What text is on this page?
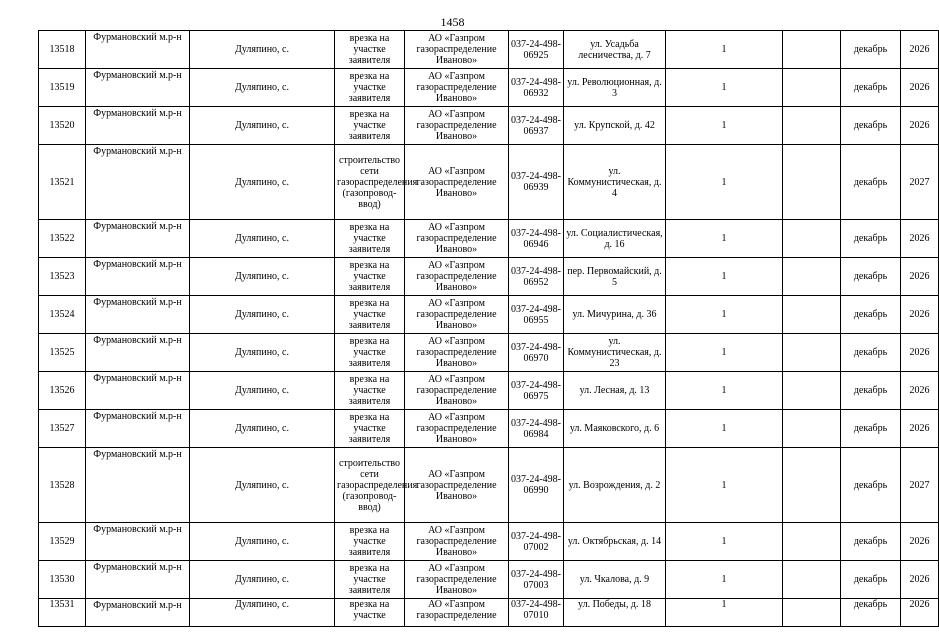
1458
13518	Фурмановский м.р-н	Дуляпино, с.	врезка на участке заявителя	АО «Газпром газораспределение Иваново»	037-24-498-06925	ул. Усадьба лесничества, д. 7	1		декабрь	2026
13519	Фурмановский м.р-н	Дуляпино, с.	врезка на участке заявителя	АО «Газпром газораспределение Иваново»	037-24-498-06932	ул. Революционная, д. 3	1		декабрь	2026
13520	Фурмановский м.р-н	Дуляпино, с.	врезка на участке заявителя	АО «Газпром газораспределение Иваново»	037-24-498-06937	ул. Крупской, д. 42	1		декабрь	2026
13521	Фурмановский м.р-н	Дуляпино, с.	строительство сети газораспределения (газопровод-ввод)	АО «Газпром газораспределение Иваново»	037-24-498-06939	ул. Коммунистическая, д. 4	1		декабрь	2027
13522	Фурмановский м.р-н	Дуляпино, с.	врезка на участке заявителя	АО «Газпром газораспределение Иваново»	037-24-498-06946	ул. Социалистическая, д. 16	1		декабрь	2026
13523	Фурмановский м.р-н	Дуляпино, с.	врезка на участке заявителя	АО «Газпром газораспределение Иваново»	037-24-498-06952	пер. Первомайский, д. 5	1		декабрь	2026
13524	Фурмановский м.р-н	Дуляпино, с.	врезка на участке заявителя	АО «Газпром газораспределение Иваново»	037-24-498-06955	ул. Мичурина, д. 36	1		декабрь	2026
13525	Фурмановский м.р-н	Дуляпино, с.	врезка на участке заявителя	АО «Газпром газораспределение Иваново»	037-24-498-06970	ул. Коммунистическая, д. 23	1		декабрь	2026
13526	Фурмановский м.р-н	Дуляпино, с.	врезка на участке заявителя	АО «Газпром газораспределение Иваново»	037-24-498-06975	ул. Лесная, д. 13	1		декабрь	2026
13527	Фурмановский м.р-н	Дуляпино, с.	врезка на участке заявителя	АО «Газпром газораспределение Иваново»	037-24-498-06984	ул. Маяковского, д. 6	1		декабрь	2026
13528	Фурмановский м.р-н	Дуляпино, с.	строительство сети газораспределения (газопровод-ввод)	АО «Газпром газораспределение Иваново»	037-24-498-06990	ул. Возрождения, д. 2	1		декабрь	2027
13529	Фурмановский м.р-н	Дуляпино, с.	врезка на участке заявителя	АО «Газпром газораспределение Иваново»	037-24-498-07002	ул. Октябрьская, д. 14	1		декабрь	2026
13530	Фурмановский м.р-н	Дуляпино, с.	врезка на участке заявителя	АО «Газпром газораспределение Иваново»	037-24-498-07003	ул. Чкалова, д. 9	1		декабрь	2026
13531	Фурмановский м.р-н	Дуляпино, с.	врезка на участке	АО «Газпром газораспределение	037-24-498-07010	ул. Победы, д. 18	1		декабрь	2026
